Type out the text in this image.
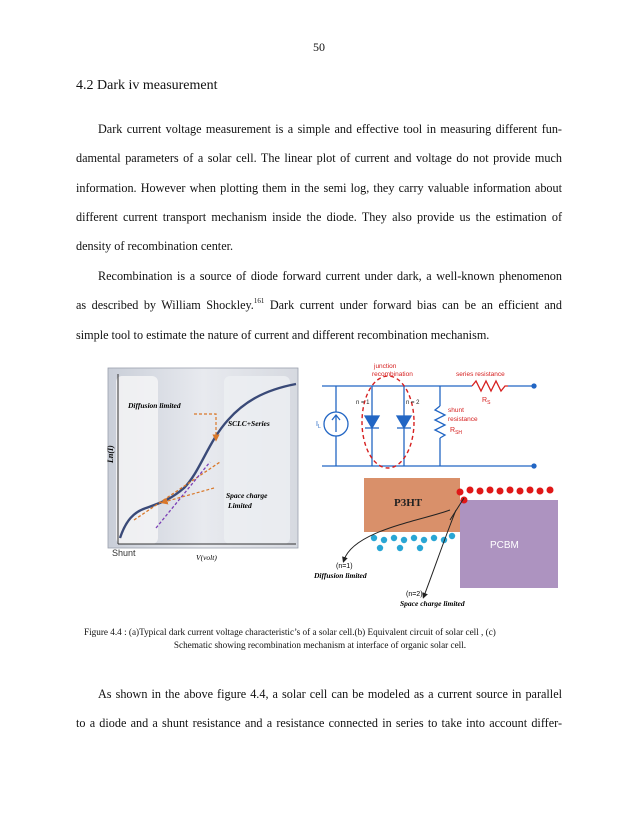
50
4.2 Dark iv measurement
Dark current voltage measurement is a simple and effective tool in measuring different fun-
damental parameters of a solar cell. The linear plot of current and voltage do not provide much
information. However when plotting them in the semi log, they carry valuable information about
different current transport mechanism inside the diode. They also provide us the estimation of
density of recombination center.
Recombination is a source of diode forward current under dark, a well-known phenomenon
as described by William Shockley.$^{161}$ Dark current under forward bias can be an efficient and
simple tool to estimate the nature of current and different recombination mechanism.
Ln(I)
V(volt)
Diffusion limited
SCLC+Series
Space charge
Limited
Shunt
junction
recombination	series resistance
$R_S$
n = 1	n = 2
shunt
resistance
$R_{SH}$
$I_L$
P3HT
PCBM
(n=1)
Diffusion limited
(n=2)
Space charge limited
Figure 4.4 : (a)Typical dark current voltage characteristic’s of a solar cell.(b) Equivalent circuit of solar cell , (c)
Schematic showing recombination mechanism at interface of organic solar cell.
As shown in the above figure 4.4, a solar cell can be modeled as a current source in parallel
to a diode and a shunt resistance and a resistance connected in series to take into account differ-
